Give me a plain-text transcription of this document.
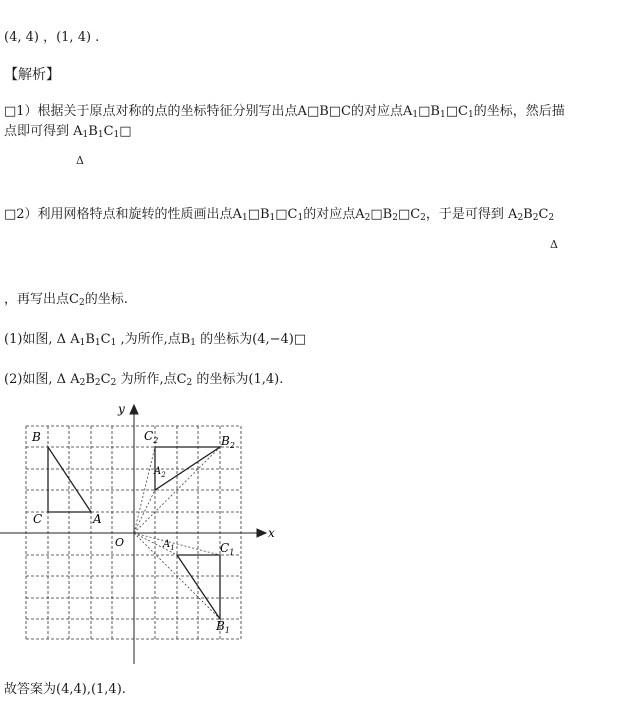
(4, 4) ，(1, 4) .
【解析】
□1）根据关于原点对称的点的坐标特征分别写出点A□B□C的对应点$A_1□B_1□C_1$的坐标，然后描
点即可得到 $A_1B_1C_1□$
Δ
□2）利用网格特点和旋转的性质画出点$A_1□B_1□C_1$的对应点$A_2□B_2□C_2$，于是可得到 $A_2B_2C_2$
Δ
，再写出点$C_2$的坐标.
(1)如图, Δ $A_1B_1C_1$ ,为所作,点$B_1$ 的坐标为(4,−4)□
(2)如图, Δ $A_2B_2C_2$ 为所作,点$C_2$ 的坐标为(1,4).
x
y
O
B
C	A
$C_2$	$B_2$
$A_2$
$A_1$	$C_1$
$B_1$
故答案为(4,4),(1,4).
